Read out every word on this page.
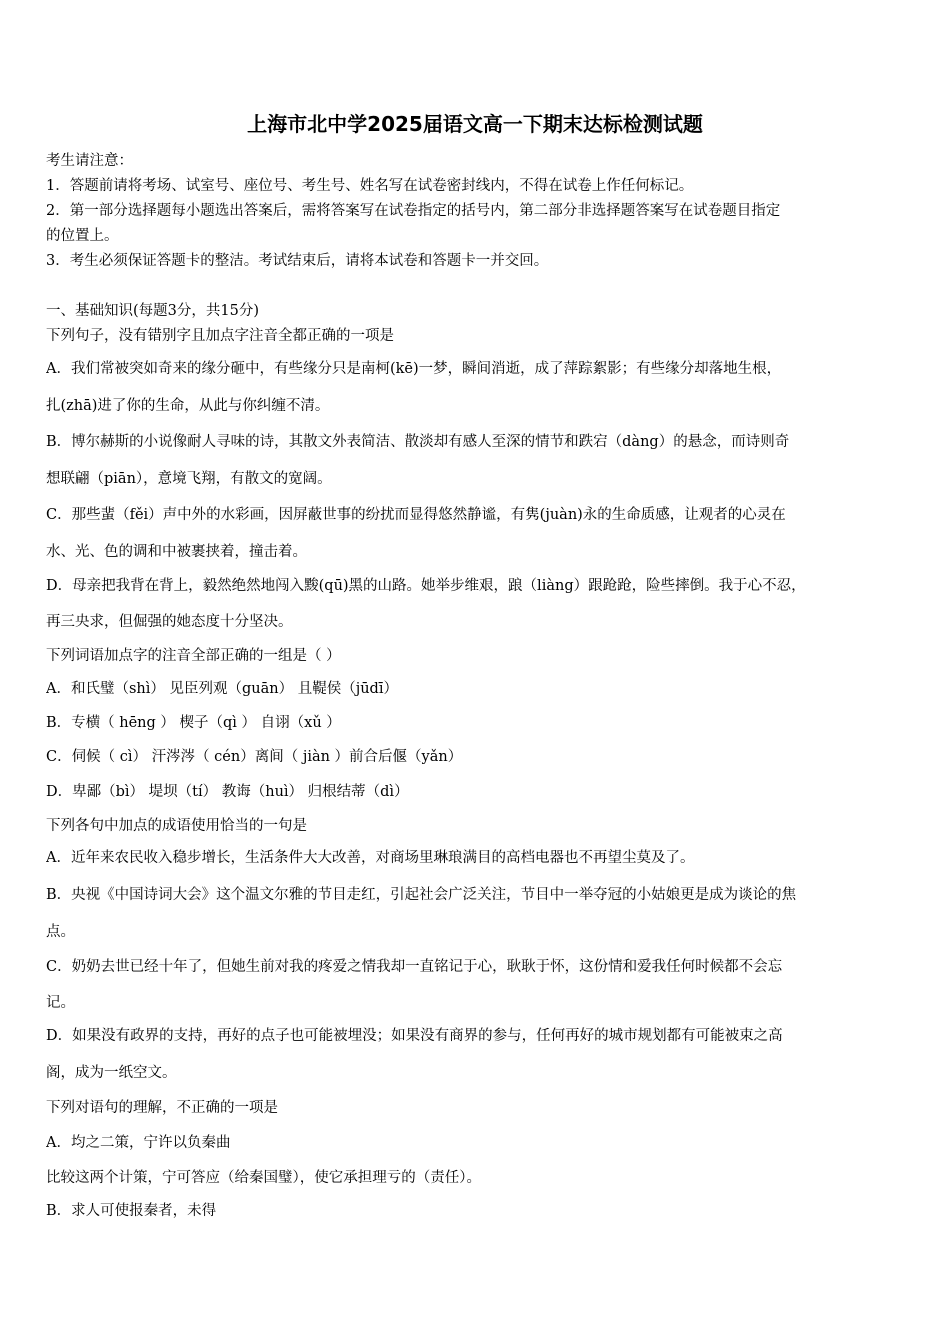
上海市北中学2025届语文高一下期末达标检测试题
考生请注意：
1．答题前请将考场、试室号、座位号、考生号、姓名写在试卷密封线内，不得在试卷上作任何标记。
2．第一部分选择题每小题选出答案后，需将答案写在试卷指定的括号内，第二部分非选择题答案写在试卷题目指定
的位置上。
3．考生必须保证答题卡的整洁。考试结束后，请将本试卷和答题卡一并交回。
一、基础知识(每题3分，共15分)
下列句子，没有错别字且加点字注音全都正确的一项是
A．我们常被突如奇来的缘分砸中，有些缘分只是南柯(kē)一梦，瞬间消逝，成了萍踪絮影；有些缘分却落地生根，
扎(zhā)进了你的生命，从此与你纠缠不清。
B．博尔赫斯的小说像耐人寻味的诗，其散文外表简洁、散淡却有感人至深的情节和跌宕（dàng）的悬念，而诗则奇
想联翩（piān），意境飞翔，有散文的宽阔。
C．那些蜚（fěi）声中外的水彩画，因屏蔽世事的纷扰而显得悠然静谧，有隽(juàn)永的生命质感，让观者的心灵在
水、光、色的调和中被裹挟着，撞击着。
D．母亲把我背在背上，毅然绝然地闯入黢(qū)黑的山路。她举步维艰，踉（liàng）跟跄跄，险些摔倒。我于心不忍，
再三央求，但倔强的她态度十分坚决。
下列词语加点字的注音全部正确的一组是（ ）
A．和氏璧（shì） 见臣列观（guān） 且鞮侯（jūdī）
B．专横（ hēng ） 楔子（qì ） 自诩（xǔ ）
C．伺候（ cì） 汗涔涔（ cén）离间（ jiàn ）前合后偃（yǎn）
D．卑鄙（bì） 堤坝（tí） 教诲（huì） 归根结蒂（dì）
下列各句中加点的成语使用恰当的一句是
A．近年来农民收入稳步增长，生活条件大大改善，对商场里琳琅满目的高档电器也不再望尘莫及了。
B．央视《中国诗词大会》这个温文尔雅的节目走红，引起社会广泛关注，节目中一举夺冠的小姑娘更是成为谈论的焦
点。
C．奶奶去世已经十年了，但她生前对我的疼爱之情我却一直铭记于心，耿耿于怀，这份情和爱我任何时候都不会忘
记。
D．如果没有政界的支持，再好的点子也可能被埋没；如果没有商界的参与，任何再好的城市规划都有可能被束之高
阁，成为一纸空文。
下列对语句的理解，不正确的一项是
A．均之二策，宁许以负秦曲
比较这两个计策，宁可答应（给秦国璧），使它承担理亏的（责任）。
B．求人可使报秦者，未得
